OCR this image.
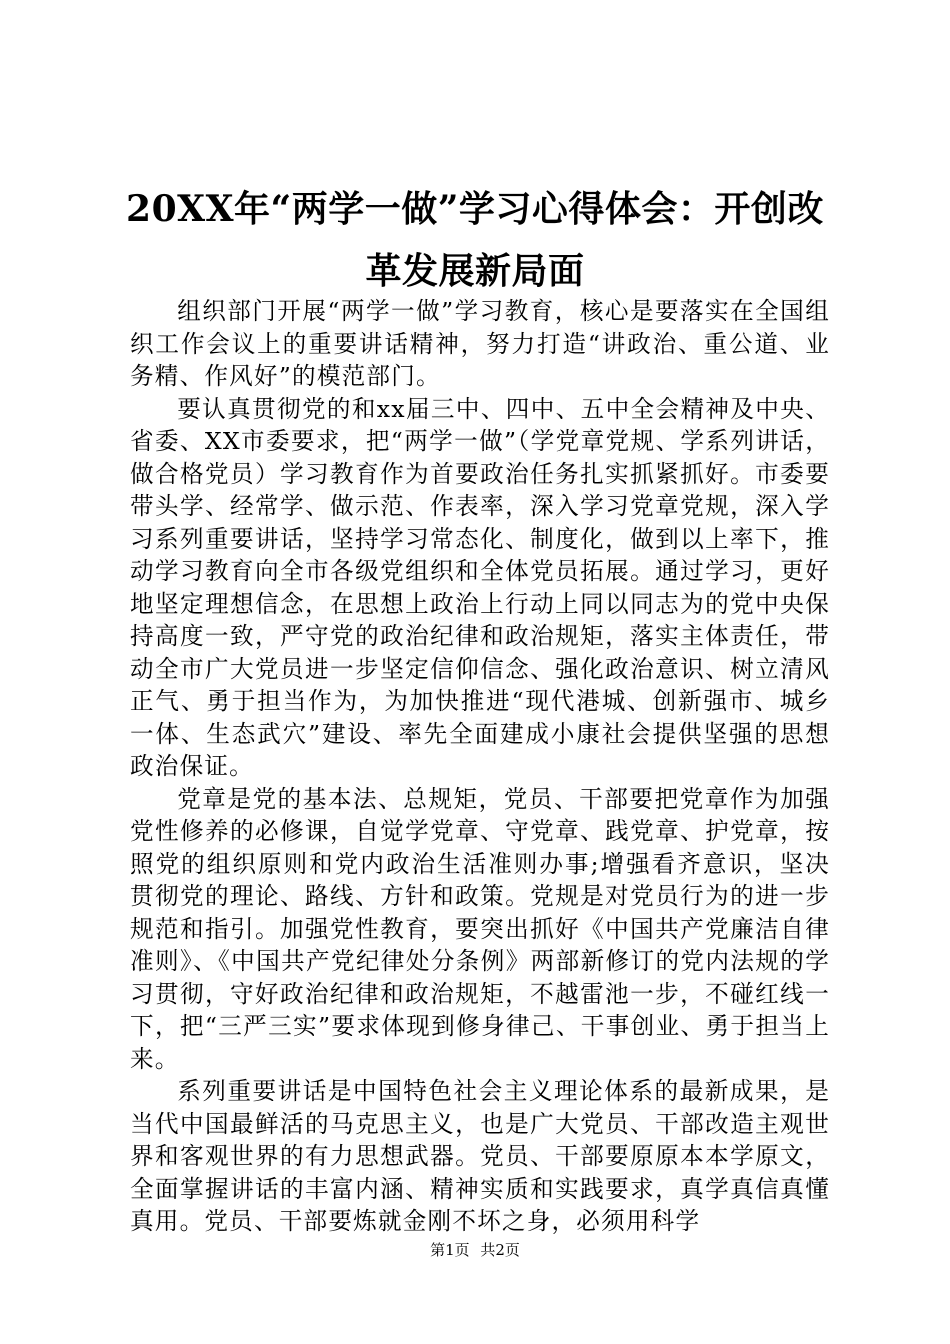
20XX年“两学一做”学习心得体会：开创改
革发展新局面

组织部门开展“两学一做”学习教育，核心是要落实在全国组织工作会议上的重要讲话精神，努力打造“讲政治、重公道、业务精、作风好”的模范部门。

要认真贯彻党的和xx届三中、四中、五中全会精神及中央、省委、XX市委要求，把“两学一做”（学党章党规、学系列讲话，做合格党员）学习教育作为首要政治任务扎实抓紧抓好。市委要带头学、经常学、做示范、作表率，深入学习党章党规，深入学习系列重要讲话，坚持学习常态化、制度化，做到以上率下，推动学习教育向全市各级党组织和全体党员拓展。通过学习，更好地坚定理想信念，在思想上政治上行动上同以同志为的党中央保持高度一致，严守党的政治纪律和政治规矩，落实主体责任，带动全市广大党员进一步坚定信仰信念、强化政治意识、树立清风正气、勇于担当作为，为加快推进“现代港城、创新强市、城乡一体、生态武穴”建设、率先全面建成小康社会提供坚强的思想政治保证。

党章是党的基本法、总规矩，党员、干部要把党章作为加强党性修养的必修课，自觉学党章、守党章、践党章、护党章，按照党的组织原则和党内政治生活准则办事;增强看齐意识，坚决贯彻党的理论、路线、方针和政策。党规是对党员行为的进一步规范和指引。加强党性教育，要突出抓好《中国共产党廉洁自律准则》、《中国共产党纪律处分条例》两部新修订的党内法规的学习贯彻，守好政治纪律和政治规矩，不越雷池一步，不碰红线一下，把“三严三实”要求体现到修身律己、干事创业、勇于担当上来。

系列重要讲话是中国特色社会主义理论体系的最新成果，是当代中国最鲜活的马克思主义，也是广大党员、干部改造主观世界和客观世界的有力思想武器。党员、干部要原原本本学原文，全面掌握讲话的丰富内涵、精神实质和实践要求，真学真信真懂真用。党员、干部要炼就金刚不坏之身，必须用科学

第1页 共2页
